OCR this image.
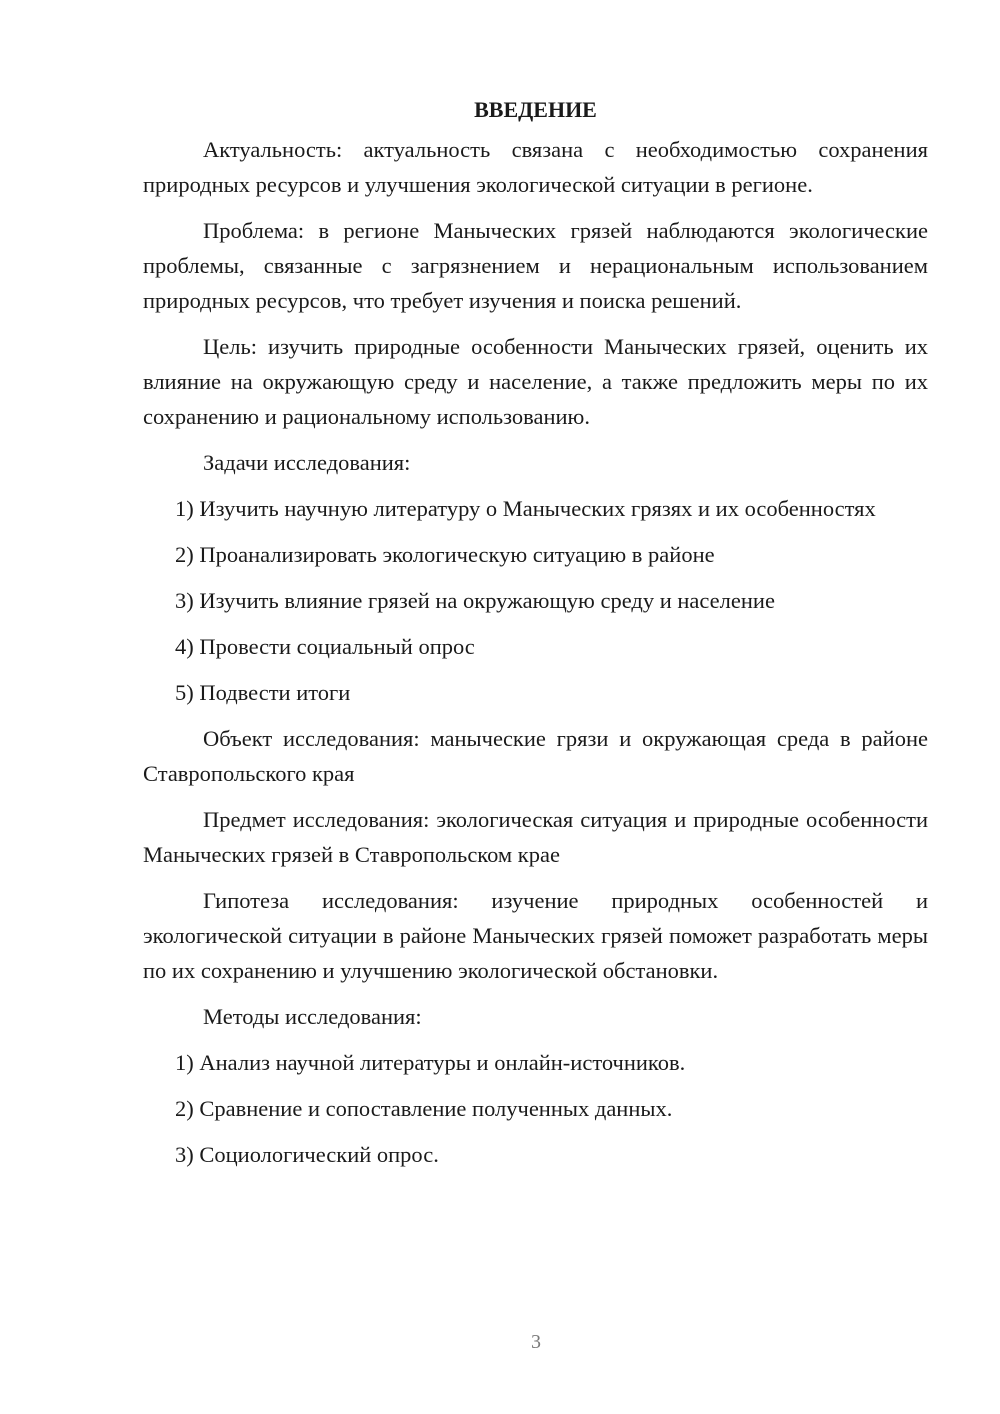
ВВЕДЕНИЕ

Актуальность: актуальность связана с необходимостью сохранения природных ресурсов и улучшения экологической ситуации в регионе.

Проблема: в регионе Манычеcких грязей наблюдаются экологические проблемы, связанные с загрязнением и нерациональным использованием природных ресурсов, что требует изучения и поиска решений.

Цель: изучить природные особенности Манычеcких грязей, оценить их влияние на окружающую среду и население, а также предложить меры по их сохранению и рациональному использованию.

Задачи исследования:

1) Изучить научную литературу о Манычеcких грязях и их особенностях

2) Проанализировать экологическую ситуацию в районе

3) Изучить влияние грязей на окружающую среду и население

4) Провести социальный опрос

5) Подвести итоги

Объект исследования: манычеcкие грязи и окружающая среда в районе Ставропольского края

Предмет исследования: экологическая ситуация и природные особенности Манычеcких грязей в Ставропольском крае

Гипотеза исследования: изучение природных особенностей и экологической ситуации в районе Манычеcких грязей поможет разработать меры по их сохранению и улучшению экологической обстановки.

Методы исследования:

1) Анализ научной литературы и онлайн-источников.

2) Сравнение и сопоставление полученных данных.

3) Социологический опрос.

3
